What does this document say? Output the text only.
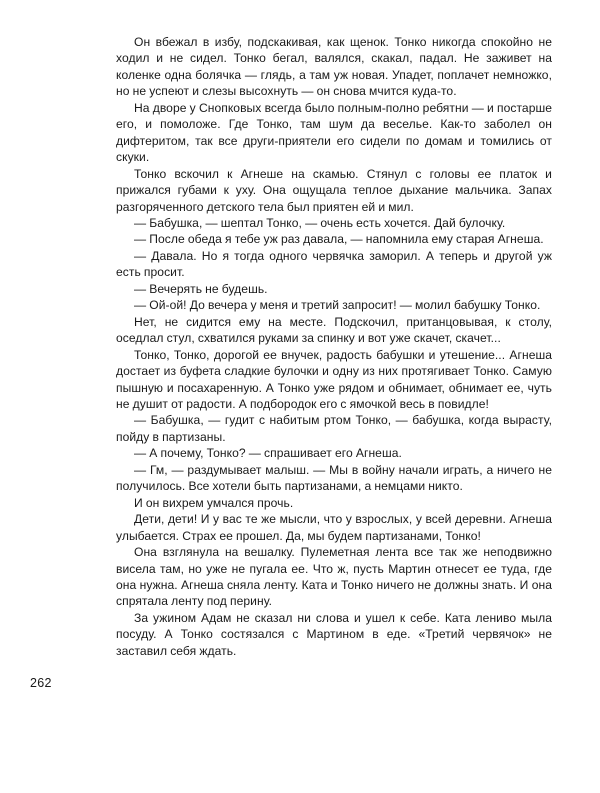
Он вбежал в избу, подскакивая, как щенок. Тонко никогда спокойно не ходил и не сидел. Тонко бегал, валялся, скакал, падал. Не заживет на коленке одна болячка — глядь, а там уж новая. Упадет, поплачет немножко, но не успеют и слезы высохнуть — он снова мчится куда-то.

На дворе у Снопковых всегда было полным-полно ребятни — и постарше его, и помоложе. Где Тонко, там шум да веселье. Как-то заболел он дифтеритом, так все други-приятели его сидели по домам и томились от скуки.

Тонко вскочил к Агнеше на скамью. Стянул с головы ее платок и прижался губами к уху. Она ощущала теплое дыхание мальчика. Запах разгоряченного детского тела был приятен ей и мил.

— Бабушка, — шептал Тонко, — очень есть хочется. Дай булочку.

— После обеда я тебе уж раз давала, — напомнила ему старая Агнеша.

— Давала. Но я тогда одного червячка заморил. А теперь и другой уж есть просит.

— Вечерять не будешь.

— Ой-ой! До вечера у меня и третий запросит! — молил бабушку Тонко.

Нет, не сидится ему на месте. Подскочил, пританцовывая, к столу, оседлал стул, схватился руками за спинку и вот уже скачет, скачет...

Тонко, Тонко, дорогой ее внучек, радость бабушки и утешение... Агнеша достает из буфета сладкие булочки и одну из них протягивает Тонко. Самую пышную и посахаренную. А Тонко уже рядом и обнимает, обнимает ее, чуть не душит от радости. А подбородок его с ямочкой весь в повидле!

— Бабушка, — гудит с набитым ртом Тонко, — бабушка, когда вырасту, пойду в партизаны.

— А почему, Тонко? — спрашивает его Агнеша.

— Гм, — раздумывает малыш. — Мы в войну начали играть, а ничего не получилось. Все хотели быть партизанами, а немцами никто.

И он вихрем умчался прочь.

Дети, дети! И у вас те же мысли, что у взрослых, у всей деревни. Агнеша улыбается. Страх ее прошел. Да, мы будем партизанами, Тонко!

Она взглянула на вешалку. Пулеметная лента все так же неподвижно висела там, но уже не пугала ее. Что ж, пусть Мартин отнесет ее туда, где она нужна. Агнеша сняла ленту. Ката и Тонко ничего не должны знать. И она спрятала ленту под перину.

За ужином Адам не сказал ни слова и ушел к себе. Ката лениво мыла посуду. А Тонко состязался с Мартином в еде. «Третий червячок» не заставил себя ждать.

262
